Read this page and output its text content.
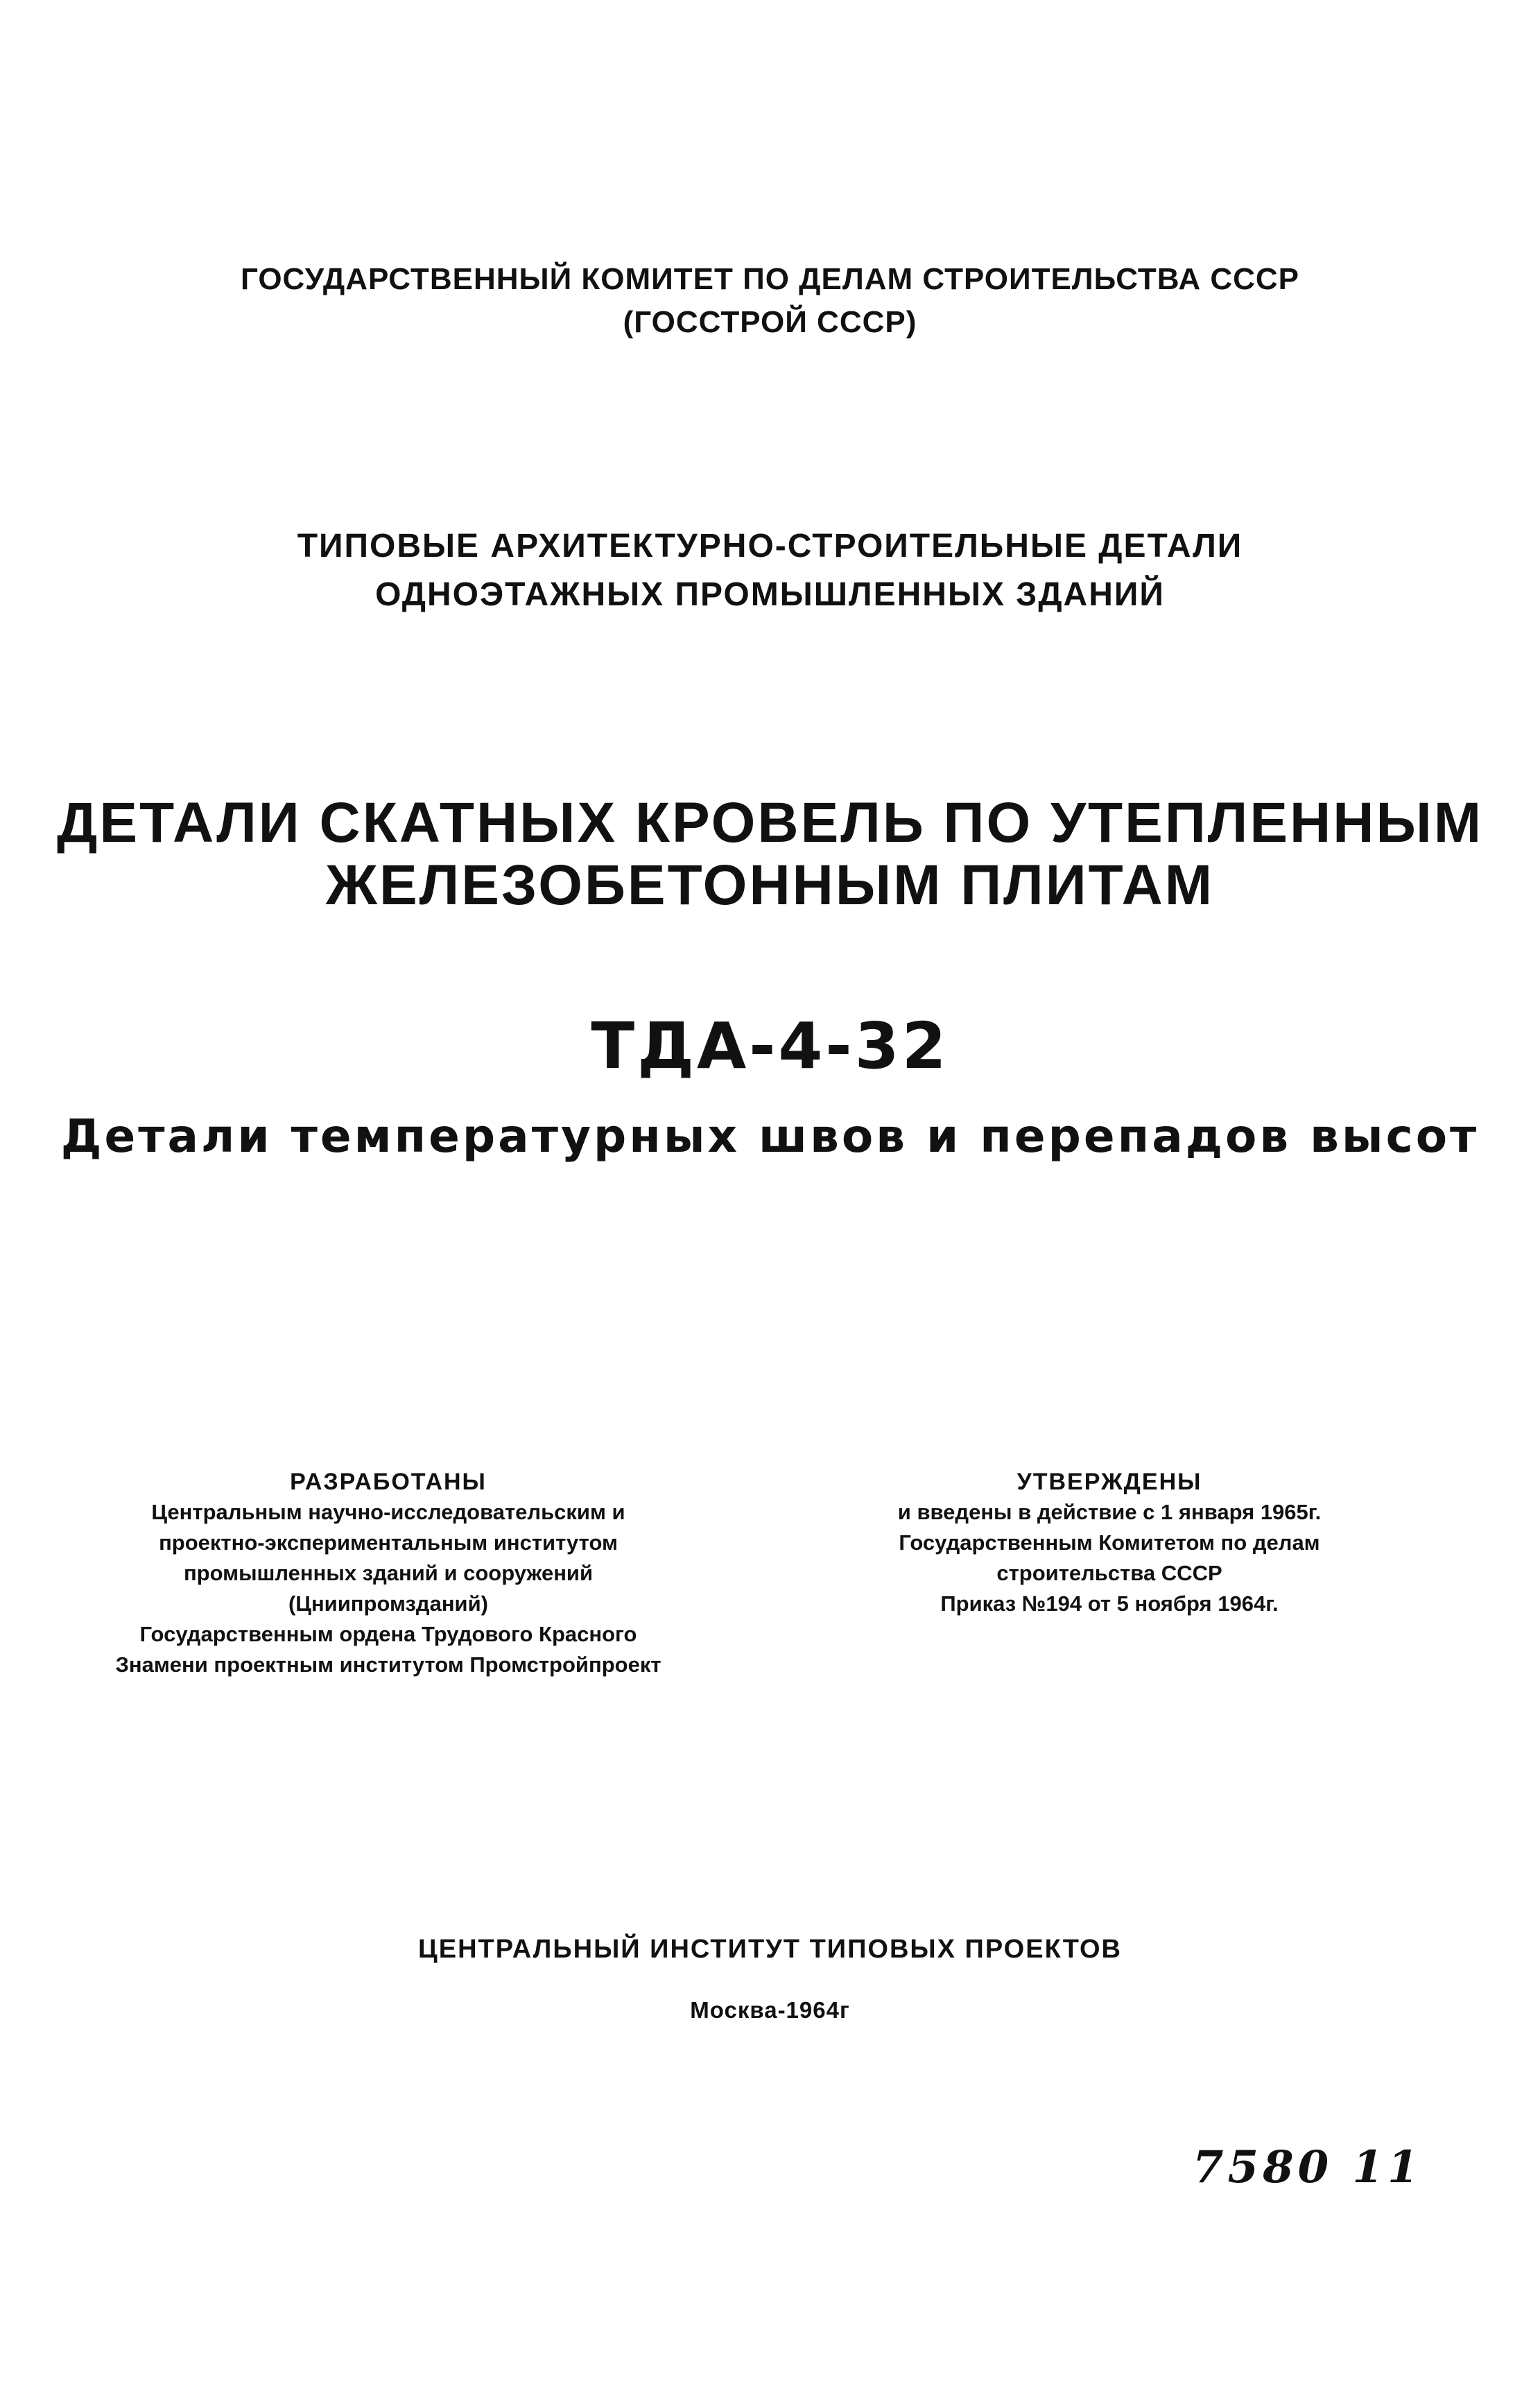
ГОСУДАРСТВЕННЫЙ КОМИТЕТ ПО ДЕЛАМ СТРОИТЕЛЬСТВА СССР
(ГОССТРОЙ СССР)
ТИПОВЫЕ АРХИТЕКТУРНО-СТРОИТЕЛЬНЫЕ ДЕТАЛИ
ОДНОЭТАЖНЫХ ПРОМЫШЛЕННЫХ ЗДАНИЙ
ДЕТАЛИ СКАТНЫХ КРОВЕЛЬ ПО УТЕПЛЕННЫМ
ЖЕЛЕЗОБЕТОННЫМ ПЛИТАМ
ТДА-4-32
Детали температурных швов и перепадов высот
РАЗРАБОТАНЫ
Центральным научно-исследовательским и
проектно-экспериментальным институтом
промышленных зданий и сооружений
(Цниипромзданий)
Государственным ордена Трудового Красного
Знамени проектным институтом Промстройпроект
УТВЕРЖДЕНЫ
и введены в действие с 1 января 1965г.
Государственным Комитетом по делам
строительства СССР
Приказ №194 от 5 ноября 1964г.
ЦЕНТРАЛЬНЫЙ ИНСТИТУТ ТИПОВЫХ ПРОЕКТОВ
Москва-1964г
7580 11
